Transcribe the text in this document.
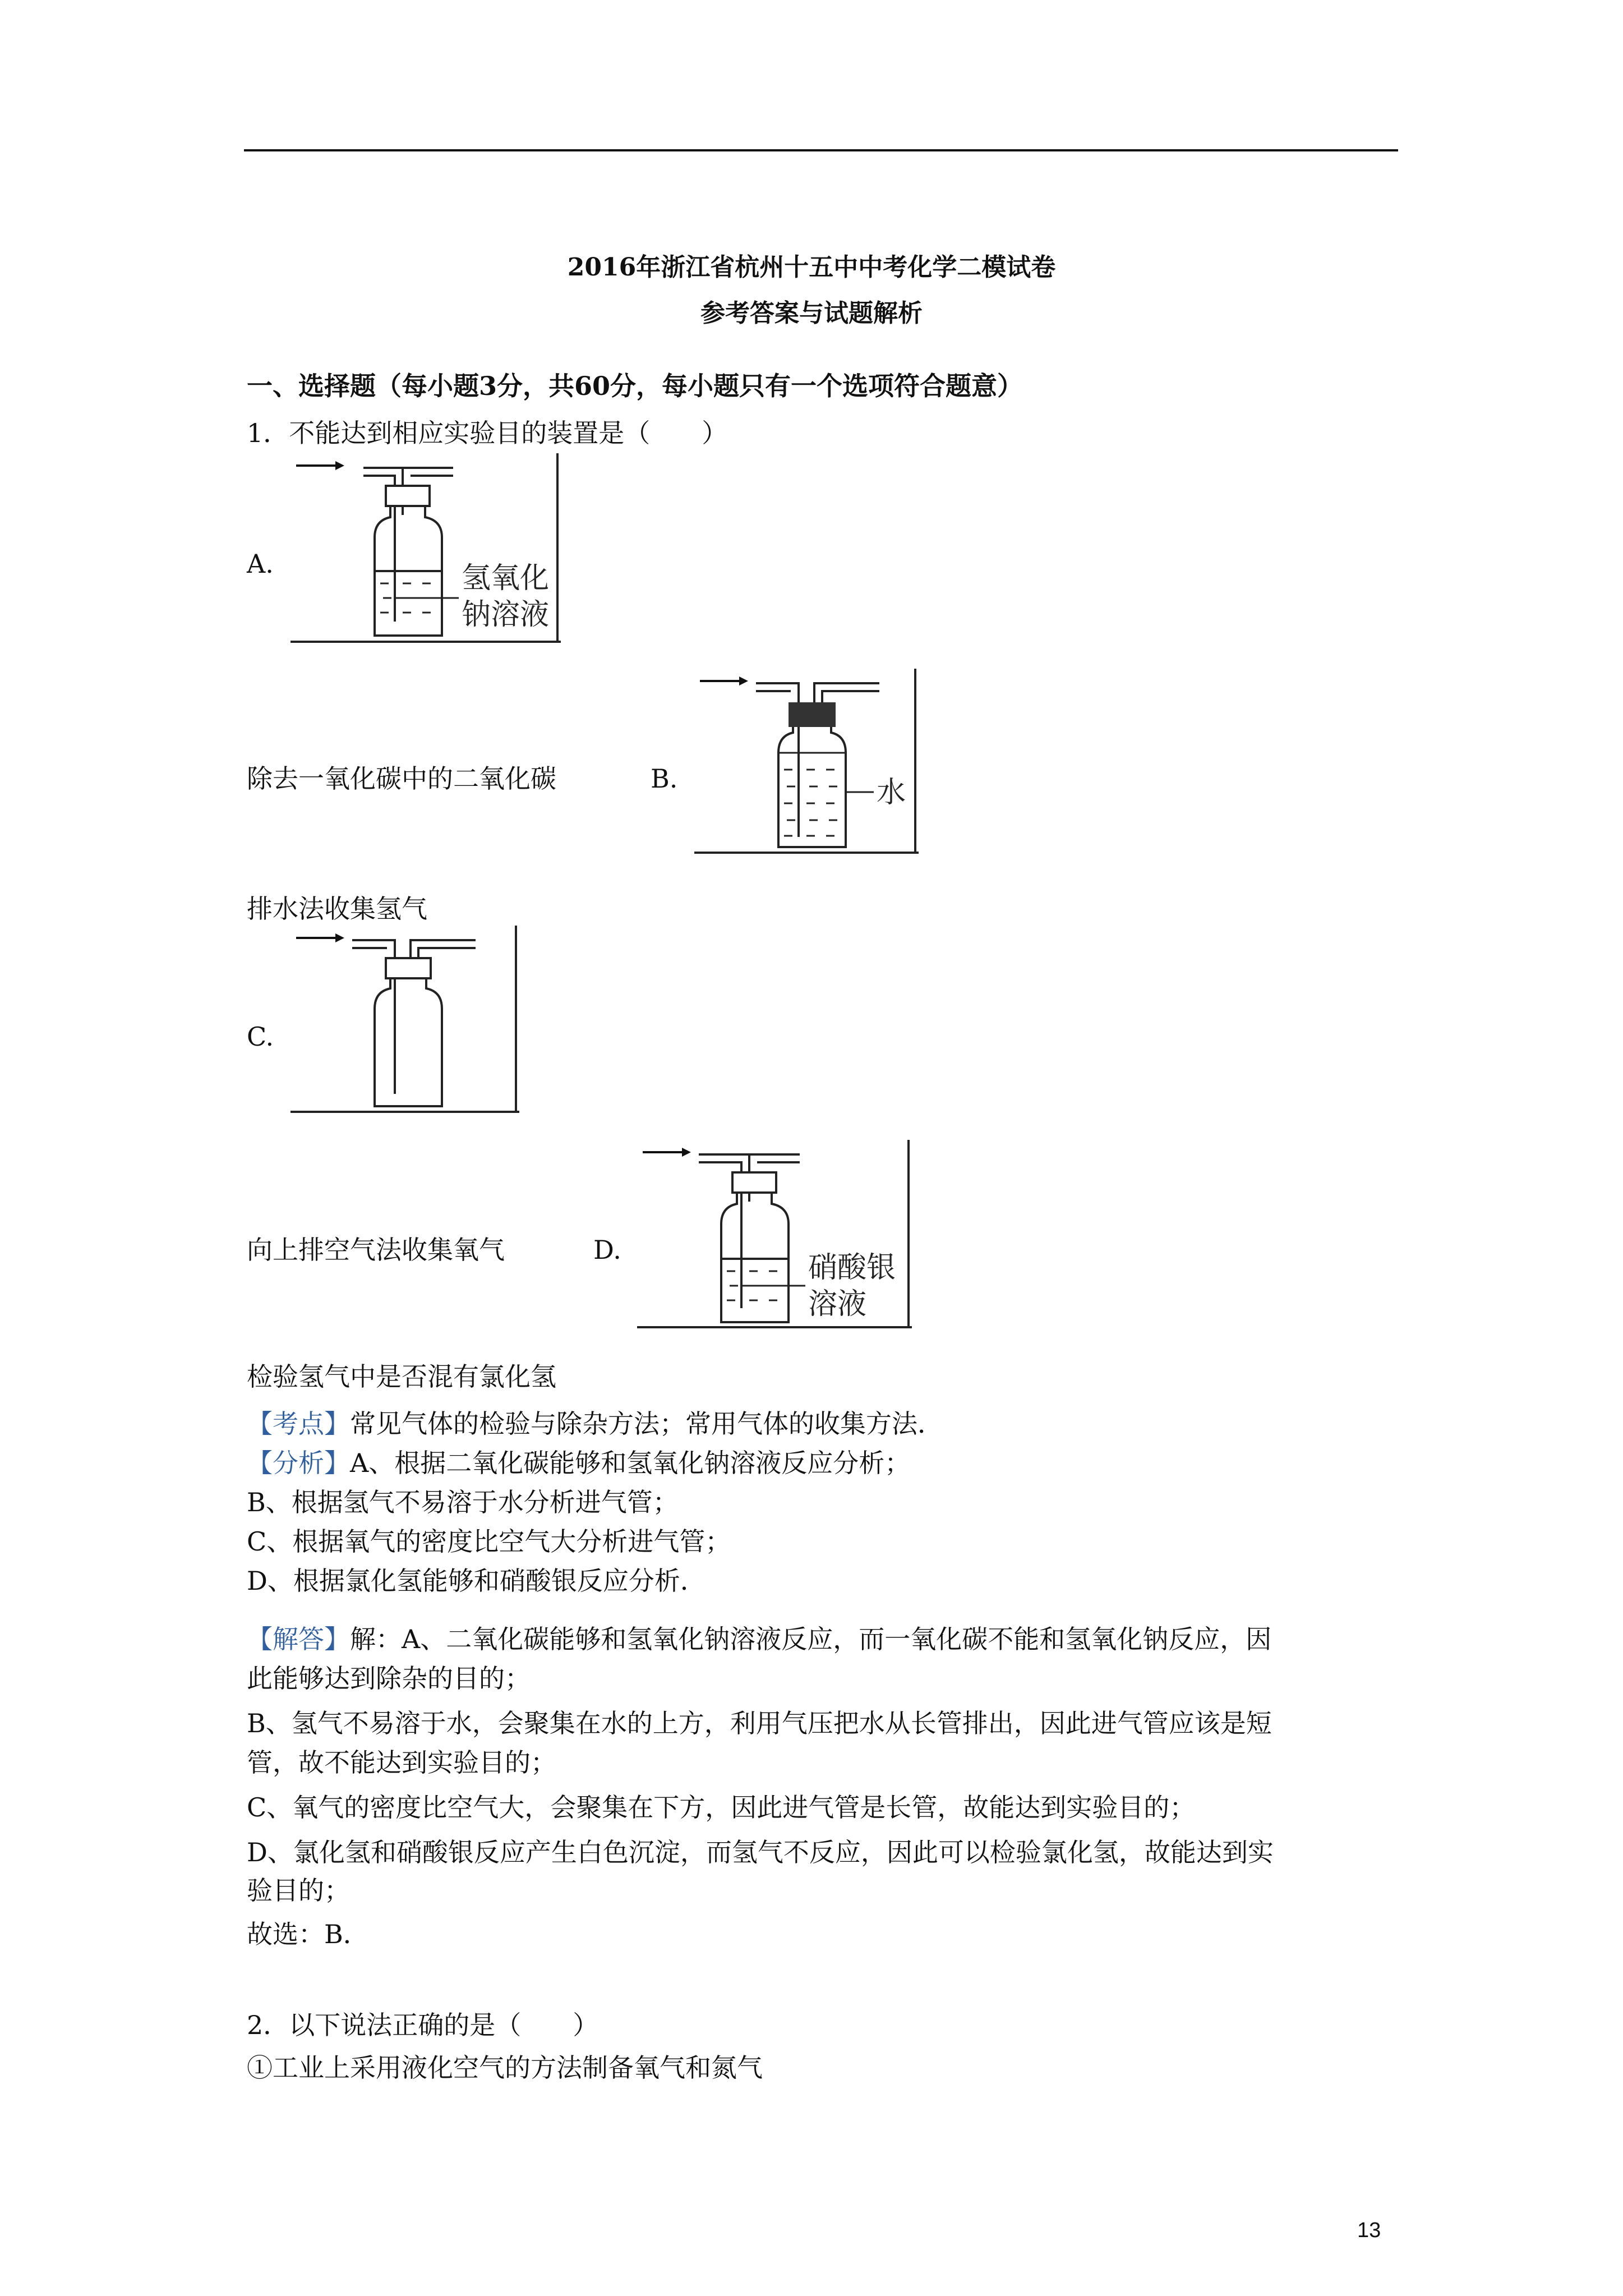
2016年浙江省杭州十五中中考化学二模试卷
参考答案与试题解析
一、选择题（每小题3分，共60分，每小题只有一个选项符合题意）
1．不能达到相应实验目的装置是（　　）
A.	氢氧化
钠溶液
除去一氧化碳中的二氧化碳	B.	水
排水法收集氢气
C.
向上排空气法收集氧气	D.
硝酸银
溶液
检验氢气中是否混有氯化氢
【考点】常见气体的检验与除杂方法；常用气体的收集方法．
【分析】A、根据二氧化碳能够和氢氧化钠溶液反应分析；
B、根据氢气不易溶于水分析进气管；
C、根据氧气的密度比空气大分析进气管；
D、根据氯化氢能够和硝酸银反应分析．
【解答】解：A、二氧化碳能够和氢氧化钠溶液反应，而一氧化碳不能和氢氧化钠反应，因
此能够达到除杂的目的；
B、氢气不易溶于水，会聚集在水的上方，利用气压把水从长管排出，因此进气管应该是短
管，故不能达到实验目的；
C、氧气的密度比空气大，会聚集在下方，因此进气管是长管，故能达到实验目的；
D、氯化氢和硝酸银反应产生白色沉淀，而氢气不反应，因此可以检验氯化氢，故能达到实
验目的；
故选：B．
2．以下说法正确的是（　　）
①工业上采用液化空气的方法制备氧气和氮气
13
